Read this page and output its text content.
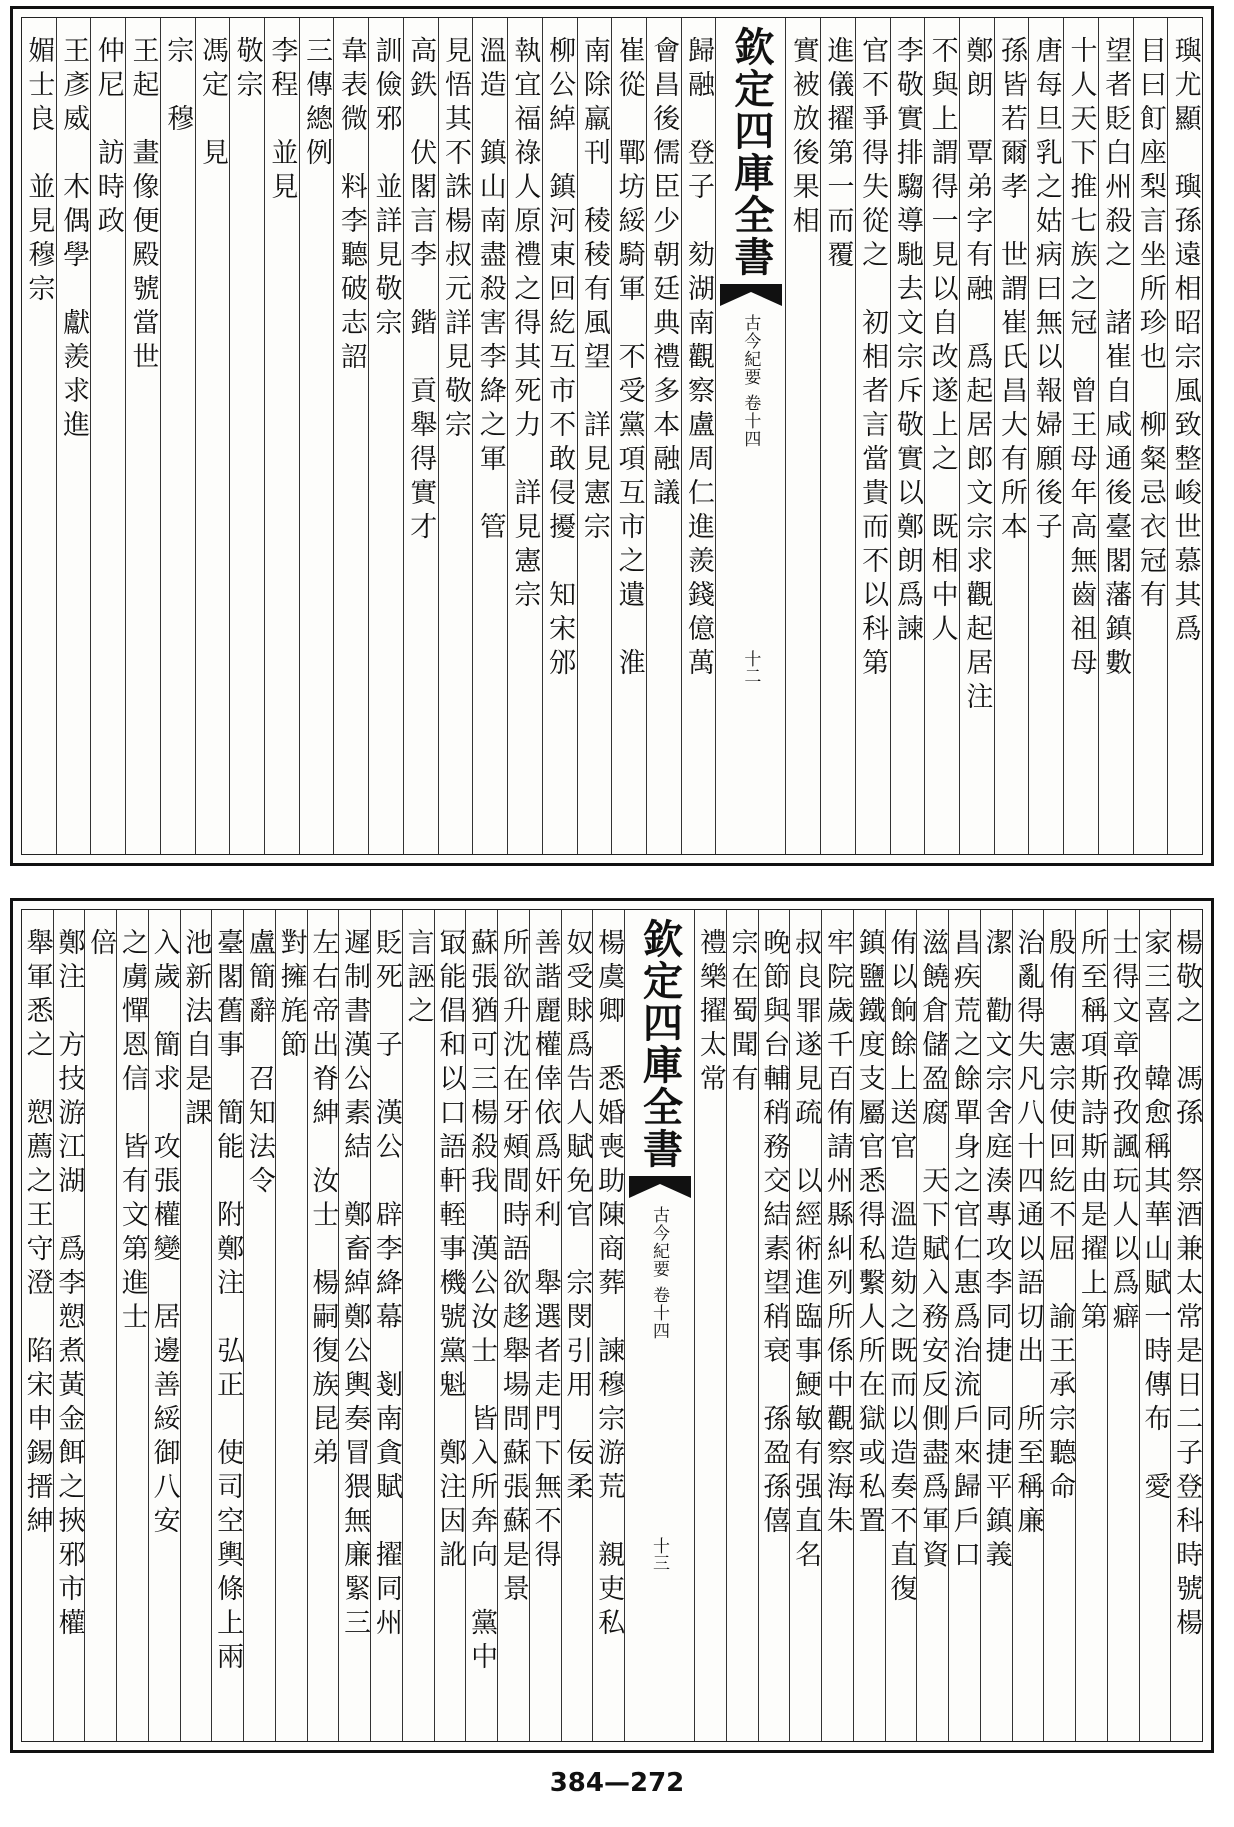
璵尤顯　璵孫遠相昭宗風致整峻世慕其爲
目曰飣座梨言坐所珍也　柳粲忌衣冠有
望者貶白州殺之　諸崔自咸通後臺閣藩鎮數
十人天下推七族之冠　曾王母年高無齒祖母
唐每旦乳之姑病曰無以報婦願後子
孫皆若爾孝　世謂崔氏昌大有所本
鄭朗　覃弟字有融　爲起居郎文宗求觀起居注
不與上謂得一見以自改遂上之　既相中人
李敬實排騶導馳去文宗斥敬實以鄭朗爲諫
官不爭得失從之　初相者言當貴而不以科第
進儀擢第一而覆
實被放後果相
欽定四庫全書
古今紀要
卷十四
十二
歸融　登子　劾湖南觀察盧周仁進羨錢億萬
會昌後儒臣少朝廷典禮多本融議
崔從　鄲坊綏騎軍　不受黨項互市之遺　淮
南除羸刊　稜稜有風望　詳見憲宗
柳公綽　鎮河東回紇互市不敢侵擾　知宋邠
執宜福祿人原禮之得其死力　詳見憲宗
溫造　鎮山南盡殺害李絳之軍　管
見悟其不誅楊叔元詳見敬宗
高鉄　伏閣言李　鍇　貢舉得實才
訓儉邪　並詳見敬宗
韋表微　料李聽破志詔
三傳總例
李程　並見
敬宗
馮定　見
宗　穆
王起　畫像便殿號當世
仲尼　訪時政
王彥威　木偶學　獻羨求進
媚士良　並見穆宗
楊敬之　馮孫　祭酒兼太常是日二子登科時號楊
家三喜　韓愈稱其華山賦一時傳布　愛
士得文章孜孜諷玩人以爲癖
所至稱項斯詩斯由是擢上第
殷侑　憲宗使回紇不屈　諭王承宗聽命
治亂得失凡八十四通以語切出　所至稱廉
潔　勸文宗舍庭湊專攻李同捷　同捷平鎮義
昌疾荒之餘單身之官仁惠爲治流戶來歸戶口
滋饒倉儲盈腐　天下賦入務安反側盡爲軍資
侑以餉餘上送官　溫造劾之既而以造奏不直復
鎮鹽鐵度支屬官悉得私繫人所在獄或私置
牢院歲千百侑請州縣糾列所係中觀察海朱
叔良罪遂見疏　以經術進臨事鯁敏有强直名
晚節與台輔稍務交結素望稍衰　孫盈孫僖
宗在蜀聞有
禮樂擢太常
欽定四庫全書
古今紀要
卷十四
十三
楊虞卿　悉婚喪助陳商葬　諫穆宗游荒　親吏私
奴受賕爲告人賦免官　宗閔引用　佞柔
善諧麗權倖依爲奸利　舉選者走門下無不得
所欲升沈在牙頰間時語欲趍舉場問蘇張蘇是景
蘇張猶可三楊殺我　漢公汝士　皆入所奔向　黨中
冣能倡和以口語軒輊事機號黨魁　鄭注因訛
言誣之
貶死　子　漢公　辟李絳幕　剗南貪賦　擢同州
遲制書漢公素結　鄭畜綽鄭公輿奏冒猥無廉緊三
左右帝出脊紳　汝士　楊嗣復族昆弟
對擁旄節
盧簡辭　召知法令
臺閣舊事　簡能　附鄭注　弘正　使司空輿條上兩
池新法自是課
入歲　簡求　攻張權變　居邊善綏御八安
之虜憚恩信　皆有文第進士
倍
鄭注　方技游江湖　爲李愬煮黃金餌之挾邪市權
舉軍悉之　愬薦之王守澄　陷宋申錫搢紳
384—272
